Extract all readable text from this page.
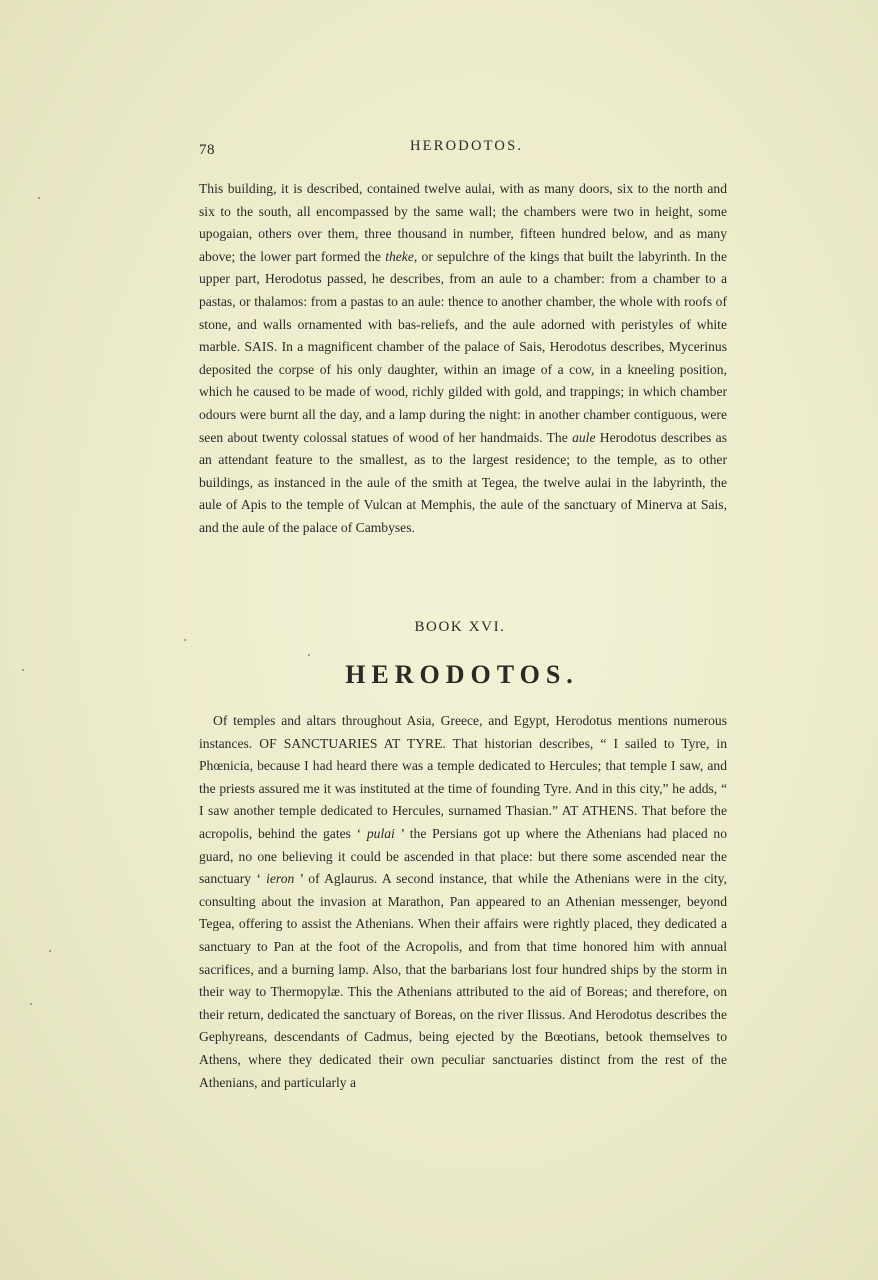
78	HERODOTOS.

This building, it is described, contained twelve aulai, with as many doors, six to the north and six to the south, all encompassed by the same wall; the chambers were two in height, some upogaian, others over them, three thousand in number, fifteen hundred below, and as many above; the lower part formed the theke, or sepulchre of the kings that built the labyrinth. In the upper part, Herodotus passed, he describes, from an aule to a chamber: from a chamber to a pastas, or thalamos: from a pastas to an aule: thence to another chamber, the whole with roofs of stone, and walls ornamented with bas-reliefs, and the aule adorned with peristyles of white marble. SAIS. In a magnificent chamber of the palace of Sais, Herodotus describes, Mycerinus deposited the corpse of his only daughter, within an image of a cow, in a kneeling position, which he caused to be made of wood, richly gilded with gold, and trappings; in which chamber odours were burnt all the day, and a lamp during the night: in another chamber contiguous, were seen about twenty colossal statues of wood of her handmaids. The aule Herodotus describes as an attendant feature to the smallest, as to the largest residence; to the temple, as to other buildings, as instanced in the aule of the smith at Tegea, the twelve aulai in the labyrinth, the aule of Apis to the temple of Vulcan at Memphis, the aule of the sanctuary of Minerva at Sais, and the aule of the palace of Cambyses.

BOOK XVI.
HERODOTOS.

Of temples and altars throughout Asia, Greece, and Egypt, Herodotus mentions numerous instances. OF SANCTUARIES AT TYRE. That historian describes, “ I sailed to Tyre, in Phœnicia, because I had heard there was a temple dedicated to Hercules; that temple I saw, and the priests assured me it was instituted at the time of founding Tyre. And in this city,” he adds, “ I saw another temple dedicated to Hercules, surnamed Thasian.” AT ATHENS. That before the acropolis, behind the gates ‘ pulai ’ the Persians got up where the Athenians had placed no guard, no one believing it could be ascended in that place: but there some ascended near the sanctuary ‘ ieron ’ of Aglaurus. A second instance, that while the Athenians were in the city, consulting about the invasion at Marathon, Pan appeared to an Athenian messenger, beyond Tegea, offering to assist the Athenians. When their affairs were rightly placed, they dedicated a sanctuary to Pan at the foot of the Acropolis, and from that time honored him with annual sacrifices, and a burning lamp. Also, that the barbarians lost four hundred ships by the storm in their way to Thermopylæ. This the Athenians attributed to the aid of Boreas; and therefore, on their return, dedicated the sanctuary of Boreas, on the river Ilissus. And Herodotus describes the Gephyreans, descendants of Cadmus, being ejected by the Bœotians, betook themselves to Athens, where they dedicated their own peculiar sanctuaries distinct from the rest of the Athenians, and particularly a
